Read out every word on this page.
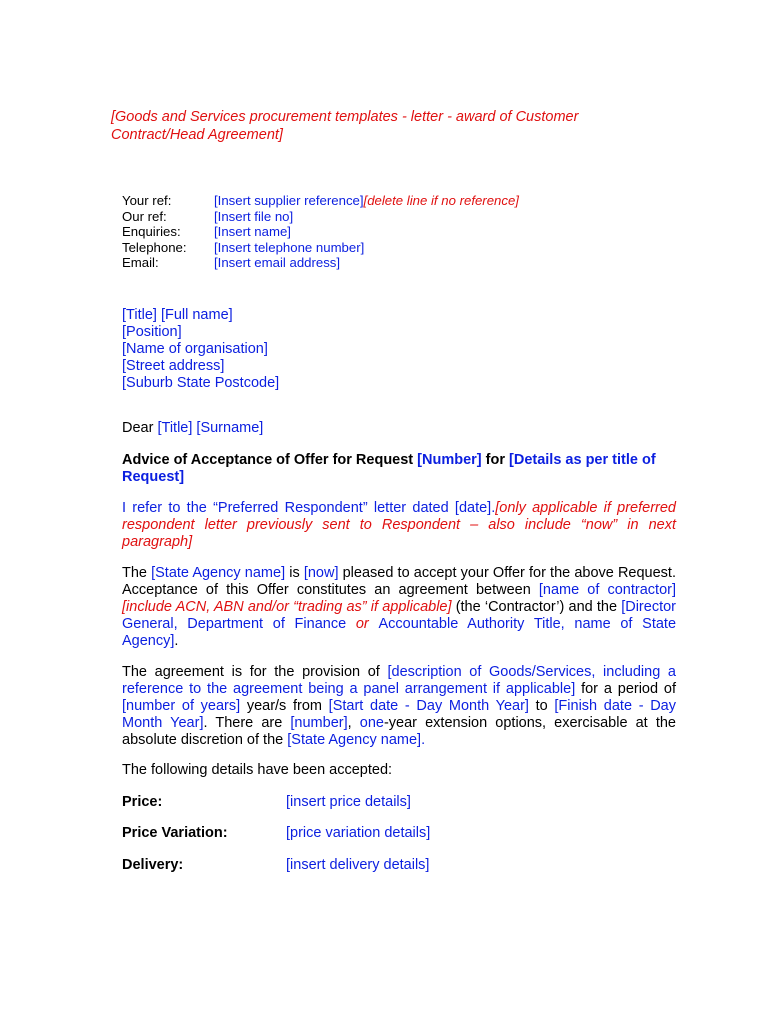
[Goods and Services procurement templates - letter - award of Customer Contract/Head Agreement]
Your ref:	[Insert supplier reference] [delete line if no reference]
Our ref:	[Insert file no]
Enquiries:	[Insert name]
Telephone:	[Insert telephone number]
Email:	[Insert email address]
[Title] [Full name]
[Position]
[Name of organisation]
[Street address]
[Suburb State Postcode]

Dear [Title] [Surname]

Advice of Acceptance of Offer for Request [Number] for [Details as per title of Request]

I refer to the “Preferred Respondent” letter dated [date].[only applicable if preferred respondent letter previously sent to Respondent – also include “now” in next paragraph]

The [State Agency name] is [now] pleased to accept your Offer for the above Request. Acceptance of this Offer constitutes an agreement between [name of contractor] [include ACN, ABN and/or “trading as” if applicable] (the ‘Contractor’) and the [Director General, Department of Finance or Accountable Authority Title, name of State Agency].

The agreement is for the provision of [description of Goods/Services, including a reference to the agreement being a panel arrangement if applicable] for a period of [number of years] year/s from [Start date - Day Month Year] to [Finish date - Day Month Year]. There are [number], one-year extension options, exercisable at the absolute discretion of the [State Agency name].

The following details have been accepted:

Price:	[insert price details]
Price Variation:	[price variation details]
Delivery:	[insert delivery details]
